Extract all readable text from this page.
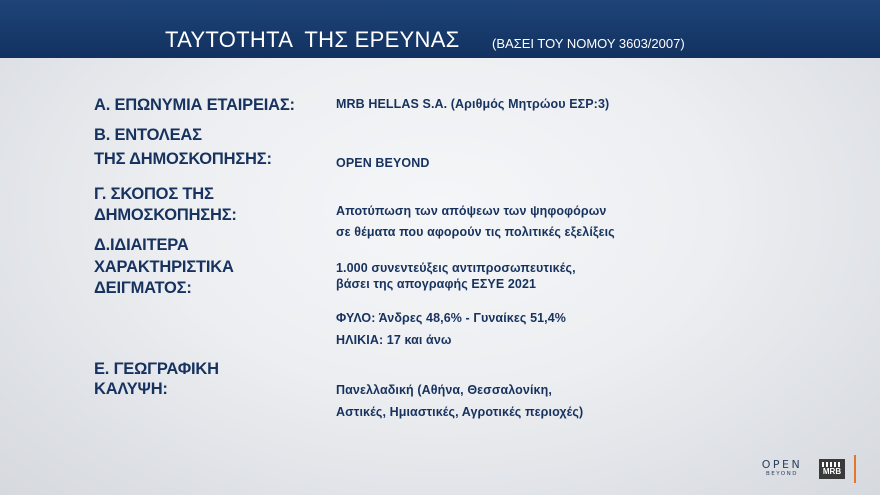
ΤΑΥΤΟΤΗΤΑ  ΤΗΣ ΕΡΕΥΝΑΣ (ΒΑΣΕΙ ΤΟΥ ΝΟΜΟΥ 3603/2007)
Α. ΕΠΩΝΥΜΙΑ ΕΤΑΙΡΕΙΑΣ:
Β. ΕΝΤΟΛΕΑΣ
ΤΗΣ ΔΗΜΟΣΚΟΠΗΣΗΣ:
Γ. ΣΚΟΠΟΣ ΤΗΣ
ΔΗΜΟΣΚΟΠΗΣΗΣ:
Δ.ΙΔΙΑΙΤΕΡΑ
ΧΑΡΑΚΤΗΡΙΣΤΙΚΑ
ΔΕΙΓΜΑΤΟΣ:
Ε. ΓΕΩΓΡΑΦΙΚΗ
ΚΑΛΥΨΗ:
MRB HELLAS S.A. (Αριθμός Μητρώου ΕΣΡ:3)
OPEN BEYOND
Αποτύπωση των απόψεων των ψηφοφόρων
σε θέματα που αφορούν τις πολιτικές εξελίξεις
1.000 συνεντεύξεις αντιπροσωπευτικές,
βάσει της απογραφής ΕΣΥΕ 2021
ΦΥΛΟ: Άνδρες 48,6% - Γυναίκες 51,4%
ΗΛΙΚΙΑ: 17 και άνω
Πανελλαδική (Αθήνα, Θεσσαλονίκη,
Αστικές, Ημιαστικές, Αγροτικές περιοχές)
OPEN
BEYOND	MRB
